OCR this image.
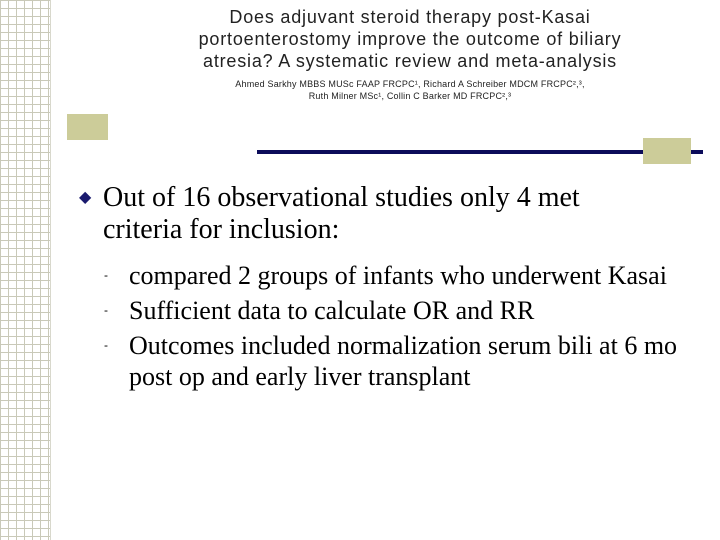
Does adjuvant steroid therapy post-Kasai
portoenterostomy improve the outcome of biliary
atresia? A systematic review and meta-analysis
Ahmed Sarkhy MBBS MUSc FAAP FRCPC¹, Richard A Schreiber MDCM FRCPC²,³,
Ruth Milner MSc¹, Collin C Barker MD FRCPC²,³
◆ Out of 16 observational studies only 4 met criteria for inclusion:
- compared 2 groups of infants who underwent Kasai
- Sufficient data to calculate OR and RR
- Outcomes included normalization serum bili at 6 mo post op and early liver transplant
